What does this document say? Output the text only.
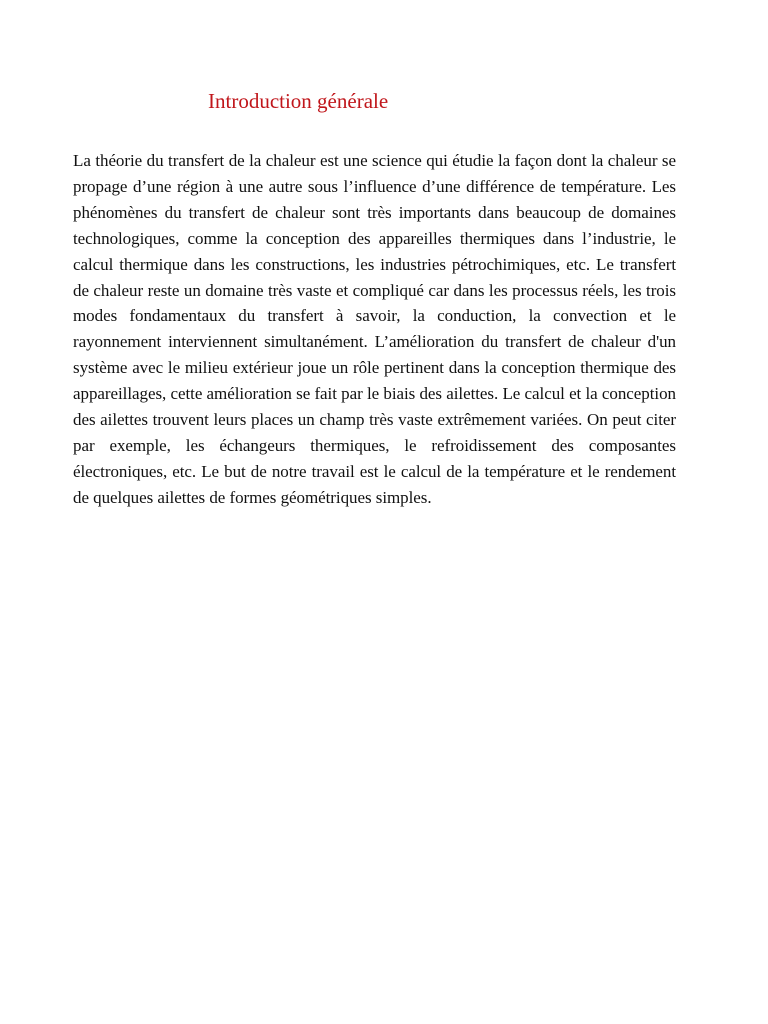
Introduction générale

La théorie du transfert de la chaleur est une science qui étudie la façon dont la chaleur se propage d’une région à une autre sous l’influence d’une différence de température. Les phénomènes du transfert de chaleur sont très importants dans beaucoup de domaines technologiques, comme la conception des appareilles thermiques dans l’industrie, le calcul thermique dans les constructions, les industries pétrochimiques, etc. Le transfert de chaleur reste un domaine très vaste et compliqué car dans les processus réels, les trois modes fondamentaux du transfert à savoir, la conduction, la convection et le rayonnement interviennent simultanément. L’amélioration du transfert de chaleur d'un système avec le milieu extérieur joue un rôle pertinent dans la conception thermique des appareillages, cette amélioration se fait par le biais des ailettes. Le calcul et la conception des ailettes trouvent leurs places un champ très vaste extrêmement variées. On peut citer par exemple, les échangeurs thermiques, le refroidissement des composantes électroniques, etc. Le but de notre travail est le calcul de la température et le rendement de quelques ailettes de formes géométriques simples.
